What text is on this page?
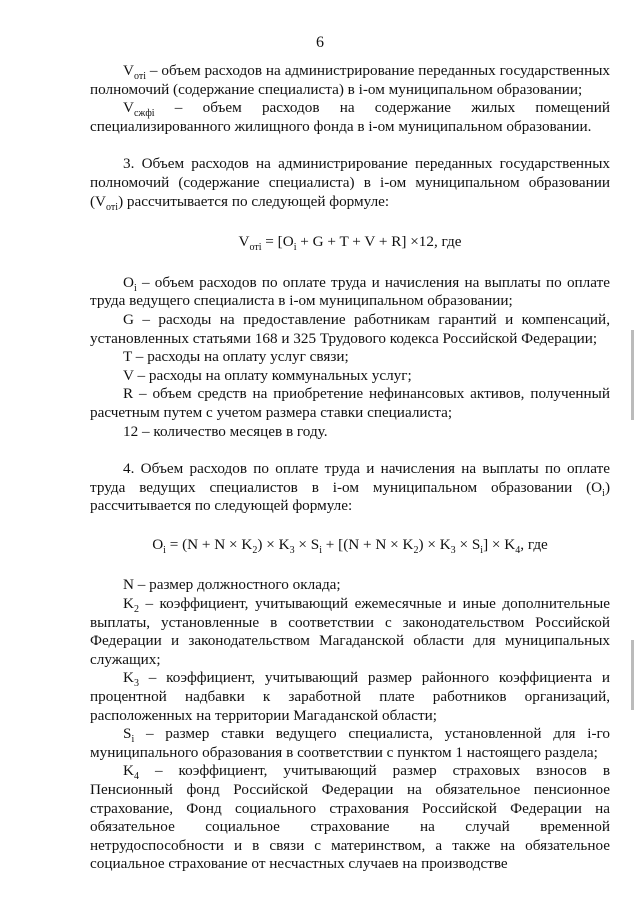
6

$V_{отi}$ – объем расходов на администрирование переданных государственных полномочий (содержание специалиста) в i-ом муниципальном образовании;

$V_{сжфi}$ – объем расходов на содержание жилых помещений специализированного жилищного фонда в i-ом муниципальном образовании.

3. Объем расходов на администрирование переданных государственных полномочий (содержание специалиста) в i-ом муниципальном образовании $(V_{отi})$ рассчитывается по следующей формуле:

$V_{отi} = [O_i + G + T + V + R] \times 12$, где

$O_i$ – объем расходов по оплате труда и начисления на выплаты по оплате труда ведущего специалиста в i-ом муниципальном образовании;

G – расходы на предоставление работникам гарантий и компенсаций, установленных статьями 168 и 325 Трудового кодекса Российской Федерации;

T – расходы на оплату услуг связи;

V – расходы на оплату коммунальных услуг;

R – объем средств на приобретение нефинансовых активов, полученный расчетным путем с учетом размера ставки специалиста;

12 – количество месяцев в году.

4. Объем расходов по оплате труда и начисления на выплаты по оплате труда ведущих специалистов в i-ом муниципальном образовании $(O_i)$ рассчитывается по следующей формуле:

$O_i = (N + N \times K_2) \times K_3 \times S_i + [(N + N \times K_2) \times K_3 \times S_i] \times K_4$, где

N – размер должностного оклада;

$K_2$ – коэффициент, учитывающий ежемесячные и иные дополнительные выплаты, установленные в соответствии с законодательством Российской Федерации и законодательством Магаданской области для муниципальных служащих;

$K_3$ – коэффициент, учитывающий размер районного коэффициента и процентной надбавки к заработной плате работников организаций, расположенных на территории Магаданской области;

$S_i$ – размер ставки ведущего специалиста, установленной для i-го муниципального образования в соответствии с пунктом 1 настоящего раздела;

$K_4$ – коэффициент, учитывающий размер страховых взносов в Пенсионный фонд Российской Федерации на обязательное пенсионное страхование, Фонд социального страхования Российской Федерации на обязательное социальное страхование на случай временной нетрудоспособности и в связи с материнством, а также на обязательное социальное страхование от несчастных случаев на производстве
